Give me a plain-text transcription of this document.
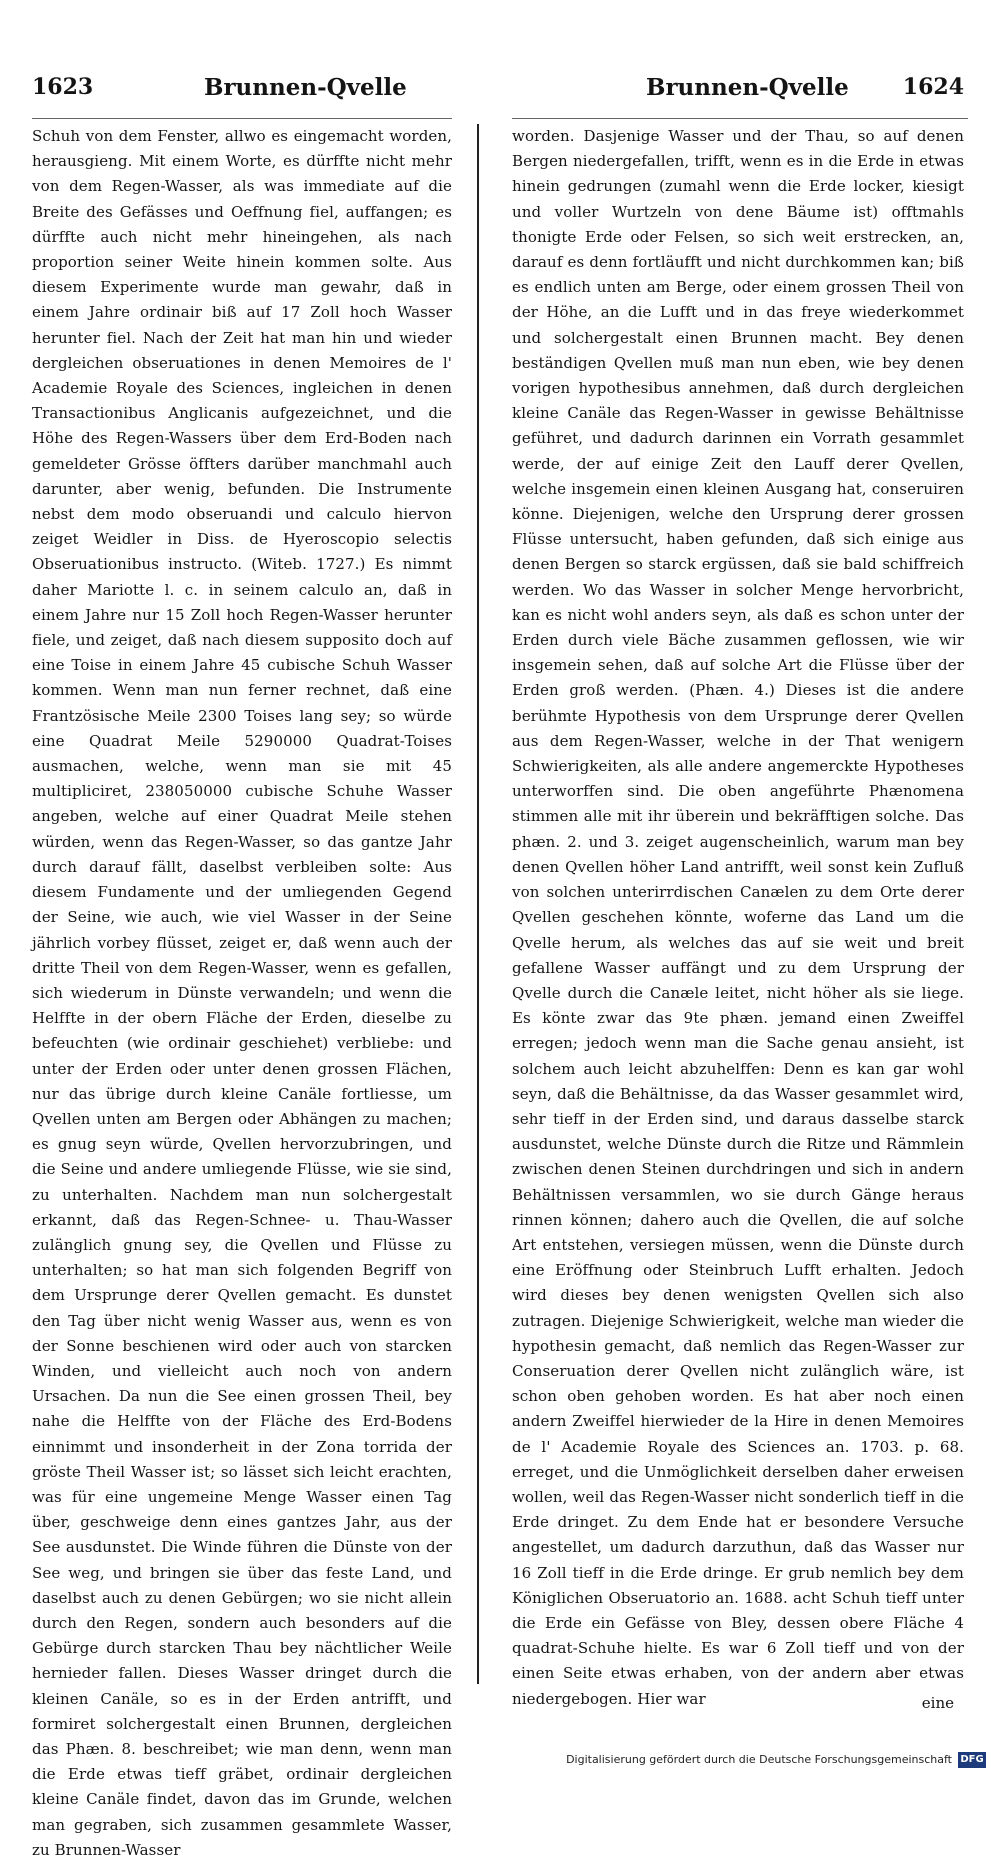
1623	Brunnen-Qvelle	Brunnen-Qvelle 1624

Schuh von dem Fenster, allwo es eingemacht worden, herausgieng. Mit einem Worte, es dürffte nicht mehr von dem Regen-Wasser, als was immediate auf die Breite des Gefässes und Oeffnung fiel, auffangen; es dürffte auch nicht mehr hineingehen, als nach proportion seiner Weite hinein kommen solte. Aus diesem Experimente wurde man gewahr, daß in einem Jahre ordinair biß auf 17 Zoll hoch Wasser herunter fiel. Nach der Zeit hat man hin und wieder dergleichen obseruationes in denen Memoires de l' Academie Royale des Sciences, ingleichen in denen Transactionibus Anglicanis aufgezeichnet, und die Höhe des Regen-Wassers über dem Erd-Boden nach gemeldeter Grösse öffters darüber manchmahl auch darunter, aber wenig, befunden. Die Instrumente nebst dem modo obseruandi und calculo hiervon zeiget Weidler in Diss. de Hyeroscopio selectis Obseruationibus instructo. (Witeb. 1727.) Es nimmt daher Mariotte l. c. in seinem calculo an, daß in einem Jahre nur 15 Zoll hoch Regen-Wasser herunter fiele, und zeiget, daß nach diesem supposito doch auf eine Toise in einem Jahre 45 cubische Schuh Wasser kommen. Wenn man nun ferner rechnet, daß eine Frantzösische Meile 2300 Toises lang sey; so würde eine Quadrat Meile 5290000 Quadrat-Toises ausmachen, welche, wenn man sie mit 45 multipliciret, 238050000 cubische Schuhe Wasser angeben, welche auf einer Quadrat Meile stehen würden, wenn das Regen-Wasser, so das gantze Jahr durch darauf fällt, daselbst verbleiben solte: Aus diesem Fundamente und der umliegenden Gegend der Seine, wie auch, wie viel Wasser in der Seine jährlich vorbey flüsset, zeiget er, daß wenn auch der dritte Theil von dem Regen-Wasser, wenn es gefallen, sich wiederum in Dünste verwandeln; und wenn die Helffte in der obern Fläche der Erden, dieselbe zu befeuchten (wie ordinair geschiehet) verbliebe: und unter der Erden oder unter denen grossen Flächen, nur das übrige durch kleine Canäle fortliesse, um Qvellen unten am Bergen oder Abhängen zu machen; es gnug seyn würde, Qvellen hervorzubringen, und die Seine und andere umliegende Flüsse, wie sie sind, zu unterhalten. Nachdem man nun solchergestalt erkannt, daß das Regen-Schnee- u. Thau-Wasser zulänglich gnung sey, die Qvellen und Flüsse zu unterhalten; so hat man sich folgenden Begriff von dem Ursprunge derer Qvellen gemacht. Es dunstet den Tag über nicht wenig Wasser aus, wenn es von der Sonne beschienen wird oder auch von starcken Winden, und vielleicht auch noch von andern Ursachen. Da nun die See einen grossen Theil, bey nahe die Helffte von der Fläche des Erd-Bodens einnimmt und insonderheit in der Zona torrida der gröste Theil Wasser ist; so lässet sich leicht erachten, was für eine ungemeine Menge Wasser einen Tag über, geschweige denn eines gantzes Jahr, aus der See ausdunstet. Die Winde führen die Dünste von der See weg, und bringen sie über das feste Land, und daselbst auch zu denen Gebürgen; wo sie nicht allein durch den Regen, sondern auch besonders auf die Gebürge durch starcken Thau bey nächtlicher Weile hernieder fallen. Dieses Wasser dringet durch die kleinen Canäle, so es in der Erden antrifft, und formiret solchergestalt einen Brunnen, dergleichen das Phæn. 8. beschreibet; wie man denn, wenn man die Erde etwas tieff gräbet, ordinair dergleichen kleine Canäle findet, davon das im Grunde, welchen man gegraben, sich zusammen gesammlete Wasser, zu Brunnen-Wasser

worden. Dasjenige Wasser und der Thau, so auf denen Bergen niedergefallen, trifft, wenn es in die Erde in etwas hinein gedrungen (zumahl wenn die Erde locker, kiesigt und voller Wurtzeln von dene Bäume ist) offtmahls thonigte Erde oder Felsen, so sich weit erstrecken, an, darauf es denn fortläufft und nicht durchkommen kan; biß es endlich unten am Berge, oder einem grossen Theil von der Höhe, an die Lufft und in das freye wiederkommet und solchergestalt einen Brunnen macht. Bey denen beständigen Qvellen muß man nun eben, wie bey denen vorigen hypothesibus annehmen, daß durch dergleichen kleine Canäle das Regen-Wasser in gewisse Behältnisse geführet, und dadurch darinnen ein Vorrath gesammlet werde, der auf einige Zeit den Lauff derer Qvellen, welche insgemein einen kleinen Ausgang hat, conseruiren könne. Diejenigen, welche den Ursprung derer grossen Flüsse untersucht, haben gefunden, daß sich einige aus denen Bergen so starck ergüssen, daß sie bald schiffreich werden. Wo das Wasser in solcher Menge hervorbricht, kan es nicht wohl anders seyn, als daß es schon unter der Erden durch viele Bäche zusammen geflossen, wie wir insgemein sehen, daß auf solche Art die Flüsse über der Erden groß werden. (Phæn. 4.) Dieses ist die andere berühmte Hypothesis von dem Ursprunge derer Qvellen aus dem Regen-Wasser, welche in der That wenigern Schwierigkeiten, als alle andere angemerckte Hypotheses unterworffen sind. Die oben angeführte Phænomena stimmen alle mit ihr überein und bekräfftigen solche. Das phæn. 2. und 3. zeiget augenscheinlich, warum man bey denen Qvellen höher Land antrifft, weil sonst kein Zufluß von solchen unterirrdischen Canælen zu dem Orte derer Qvellen geschehen könnte, woferne das Land um die Qvelle herum, als welches das auf sie weit und breit gefallene Wasser auffängt und zu dem Ursprung der Qvelle durch die Canæle leitet, nicht höher als sie liege. Es könte zwar das 9te phæn. jemand einen Zweiffel erregen; jedoch wenn man die Sache genau ansieht, ist solchem auch leicht abzuhelffen: Denn es kan gar wohl seyn, daß die Behältnisse, da das Wasser gesammlet wird, sehr tieff in der Erden sind, und daraus dasselbe starck ausdunstet, welche Dünste durch die Ritze und Rämmlein zwischen denen Steinen durchdringen und sich in andern Behältnissen versammlen, wo sie durch Gänge heraus rinnen können; dahero auch die Qvellen, die auf solche Art entstehen, versiegen müssen, wenn die Dünste durch eine Eröffnung oder Steinbruch Lufft erhalten. Jedoch wird dieses bey denen wenigsten Qvellen sich also zutragen. Diejenige Schwierigkeit, welche man wieder die hypothesin gemacht, daß nemlich das Regen-Wasser zur Conseruation derer Qvellen nicht zulänglich wäre, ist schon oben gehoben worden. Es hat aber noch einen andern Zweiffel hierwieder de la Hire in denen Memoires de l' Academie Royale des Sciences an. 1703. p. 68. erreget, und die Unmöglichkeit derselben daher erweisen wollen, weil das Regen-Wasser nicht sonderlich tieff in die Erde dringet. Zu dem Ende hat er besondere Versuche angestellet, um dadurch darzuthun, daß das Wasser nur 16 Zoll tieff in die Erde dringe. Er grub nemlich bey dem Königlichen Obseruatorio an. 1688. acht Schuh tieff unter die Erde ein Gefässe von Bley, dessen obere Fläche 4 quadrat-Schuhe hielte. Es war 6 Zoll tieff und von der einen Seite etwas erhaben, von der andern aber etwas niedergebogen. Hier war	eine
Digitalisierung gefördert durch die Deutsche Forschungsgemeinschaft DFG
